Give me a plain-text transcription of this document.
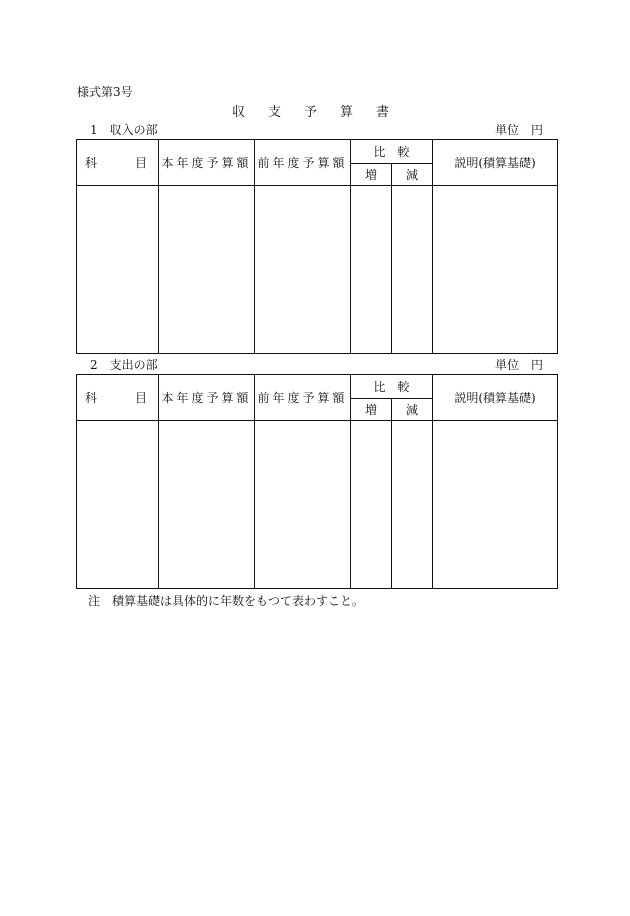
様式第3号
収 支 予 算 書
1　収入の部	単位　円
科 目	本年度予算額	前年度予算額	比　較		説明(積算基礎)
			増	減	

2　支出の部	単位　円
科 目	本年度予算額	前年度予算額	比　較		説明(積算基礎)
			増	減	

注　積算基礎は具体的に年数をもつて表わすこと。
